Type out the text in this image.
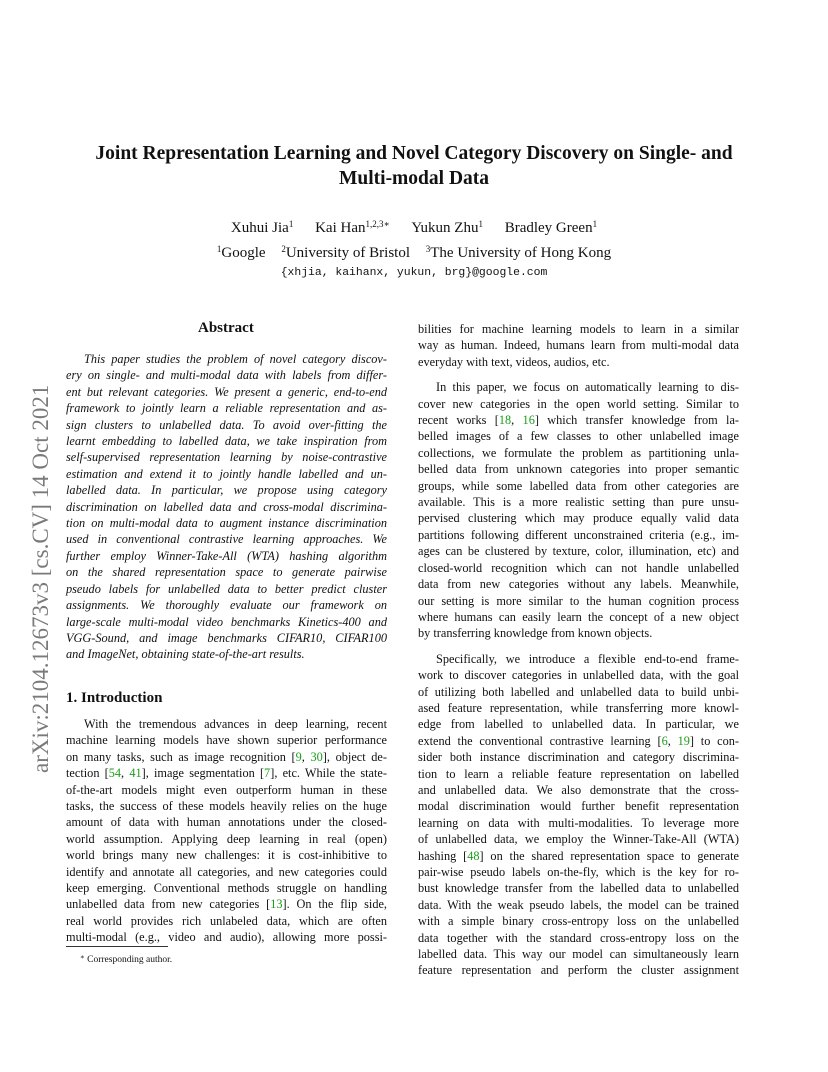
Joint Representation Learning and Novel Category Discovery on Single- and
Multi-modal Data
Xuhui Jia$^1$ Kai Han$^{1,2,3∗}$ Yukun Zhu$^1$ Bradley Green$^1$
$^1$Google $^2$University of Bristol $^3$The University of Hong Kong
{xhjia, kaihanx, yukun, brg}@google.com
arXiv:2104.12673v3 [cs.CV] 14 Oct 2021
Abstract
This paper studies the problem of novel category discov-
ery on single- and multi-modal data with labels from differ-
ent but relevant categories. We present a generic, end-to-end
framework to jointly learn a reliable representation and as-
sign clusters to unlabelled data. To avoid over-fitting the
learnt embedding to labelled data, we take inspiration from
self-supervised representation learning by noise-contrastive
estimation and extend it to jointly handle labelled and un-
labelled data. In particular, we propose using category
discrimination on labelled data and cross-modal discrimina-
tion on multi-modal data to augment instance discrimination
used in conventional contrastive learning approaches. We
further employ Winner-Take-All (WTA) hashing algorithm
on the shared representation space to generate pairwise
pseudo labels for unlabelled data to better predict cluster
assignments. We thoroughly evaluate our framework on
large-scale multi-modal video benchmarks Kinetics-400 and
VGG-Sound, and image benchmarks CIFAR10, CIFAR100
and ImageNet, obtaining state-of-the-art results.
1. Introduction
With the tremendous advances in deep learning, recent
machine learning models have shown superior performance
on many tasks, such as image recognition [9, 30], object de-
tection [54, 41], image segmentation [7], etc. While the state-
of-the-art models might even outperform human in these
tasks, the success of these models heavily relies on the huge
amount of data with human annotations under the closed-
world assumption. Applying deep learning in real (open)
world brings many new challenges: it is cost-inhibitive to
identify and annotate all categories, and new categories could
keep emerging. Conventional methods struggle on handling
unlabelled data from new categories [13]. On the flip side,
real world provides rich unlabeled data, which are often
multi-modal (e.g., video and audio), allowing more possi-
bilities for machine learning models to learn in a similar
way as human. Indeed, humans learn from multi-modal data
everyday with text, videos, audios, etc.
In this paper, we focus on automatically learning to dis-
cover new categories in the open world setting. Similar to
recent works [18, 16] which transfer knowledge from la-
belled images of a few classes to other unlabelled image
collections, we formulate the problem as partitioning unla-
belled data from unknown categories into proper semantic
groups, while some labelled data from other categories are
available. This is a more realistic setting than pure unsu-
pervised clustering which may produce equally valid data
partitions following different unconstrained criteria (e.g., im-
ages can be clustered by texture, color, illumination, etc) and
closed-world recognition which can not handle unlabelled
data from new categories without any labels. Meanwhile,
our setting is more similar to the human cognition process
where humans can easily learn the concept of a new object
by transferring knowledge from known objects.
Specifically, we introduce a flexible end-to-end frame-
work to discover categories in unlabelled data, with the goal
of utilizing both labelled and unlabelled data to build unbi-
ased feature representation, while transferring more knowl-
edge from labelled to unlabelled data. In particular, we
extend the conventional contrastive learning [6, 19] to con-
sider both instance discrimination and category discrimina-
tion to learn a reliable feature representation on labelled
and unlabelled data. We also demonstrate that the cross-
modal discrimination would further benefit representation
learning on data with multi-modalities. To leverage more
of unlabelled data, we employ the Winner-Take-All (WTA)
hashing [48] on the shared representation space to generate
pair-wise pseudo labels on-the-fly, which is the key for ro-
bust knowledge transfer from the labelled data to unlabelled
data. With the weak pseudo labels, the model can be trained
with a simple binary cross-entropy loss on the unlabelled
data together with the standard cross-entropy loss on the
labelled data. This way our model can simultaneously learn
feature representation and perform the cluster assignment
∗ Corresponding author.
